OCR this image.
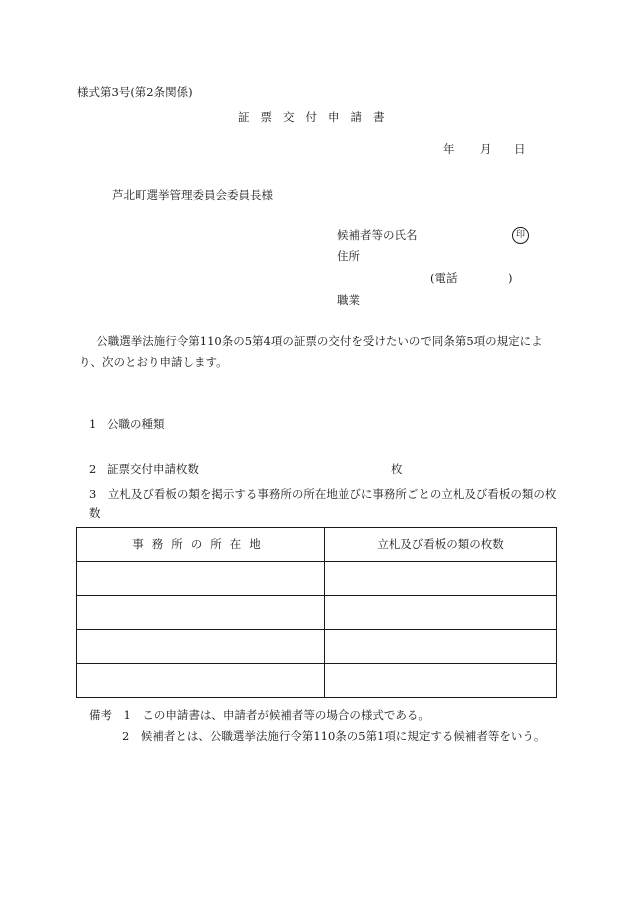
様式第3号(第2条関係)
証票交付申請書
年 月 日
芦北町選挙管理委員会委員長様
候補者等の氏名	印
住所
(電話	)
職業
公職選挙法施行令第110条の5第4項の証票の交付を受けたいので同条第5項の規定により、次のとおり申請します。
1 公職の種類
2 証票交付申請枚数	枚
3　 立札及び看板の類を掲示する事務所の所在地並びに事務所ごとの立札及び看板の類の枚数
事務所の所在地	立札及び看板の類の枚数

備考　 1　 この申請書は、申請者が候補者等の場合の様式である。
2　 候補者とは、公職選挙法施行令第110条の5第1項に規定する候補者等をいう。
